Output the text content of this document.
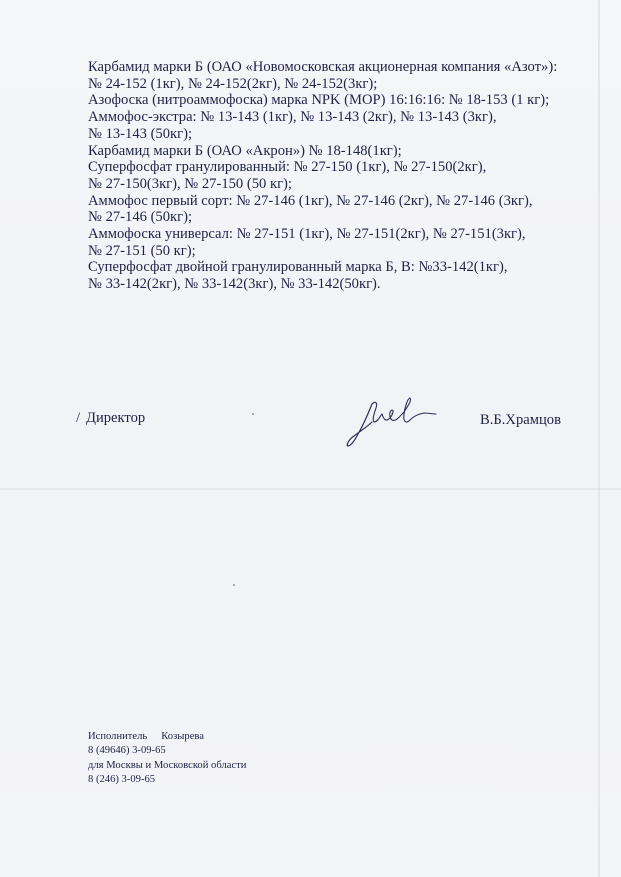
Карбамид марки Б (ОАО «Новомосковская акционерная компания «Азот»):
№ 24-152 (1кг), № 24-152(2кг), № 24-152(3кг);
Азофоска (нитроаммофоска) марка NPK (MOP) 16:16:16: № 18-153 (1 кг);
Аммофос-экстра: № 13-143 (1кг), № 13-143 (2кг), № 13-143 (3кг),
№ 13-143 (50кг);
Карбамид марки Б (ОАО «Акрон») № 18-148(1кг);
Суперфосфат гранулированный: № 27-150 (1кг), № 27-150(2кг),
№ 27-150(3кг), № 27-150 (50 кг);
Аммофос первый сорт: № 27-146 (1кг), № 27-146 (2кг), № 27-146 (3кг),
№ 27-146 (50кг);
Аммофоска универсал: № 27-151 (1кг), № 27-151(2кг), № 27-151(3кг),
№ 27-151 (50 кг);
Суперфосфат двойной гранулированный марка Б, В: №33-142(1кг),
№ 33-142(2кг), № 33-142(3кг), № 33-142(50кг).
/ Директор	В.Б.Храмцов
Исполнитель Козырева
8 (49646) 3-09-65
для Москвы и Московской области
8 (246) 3-09-65
